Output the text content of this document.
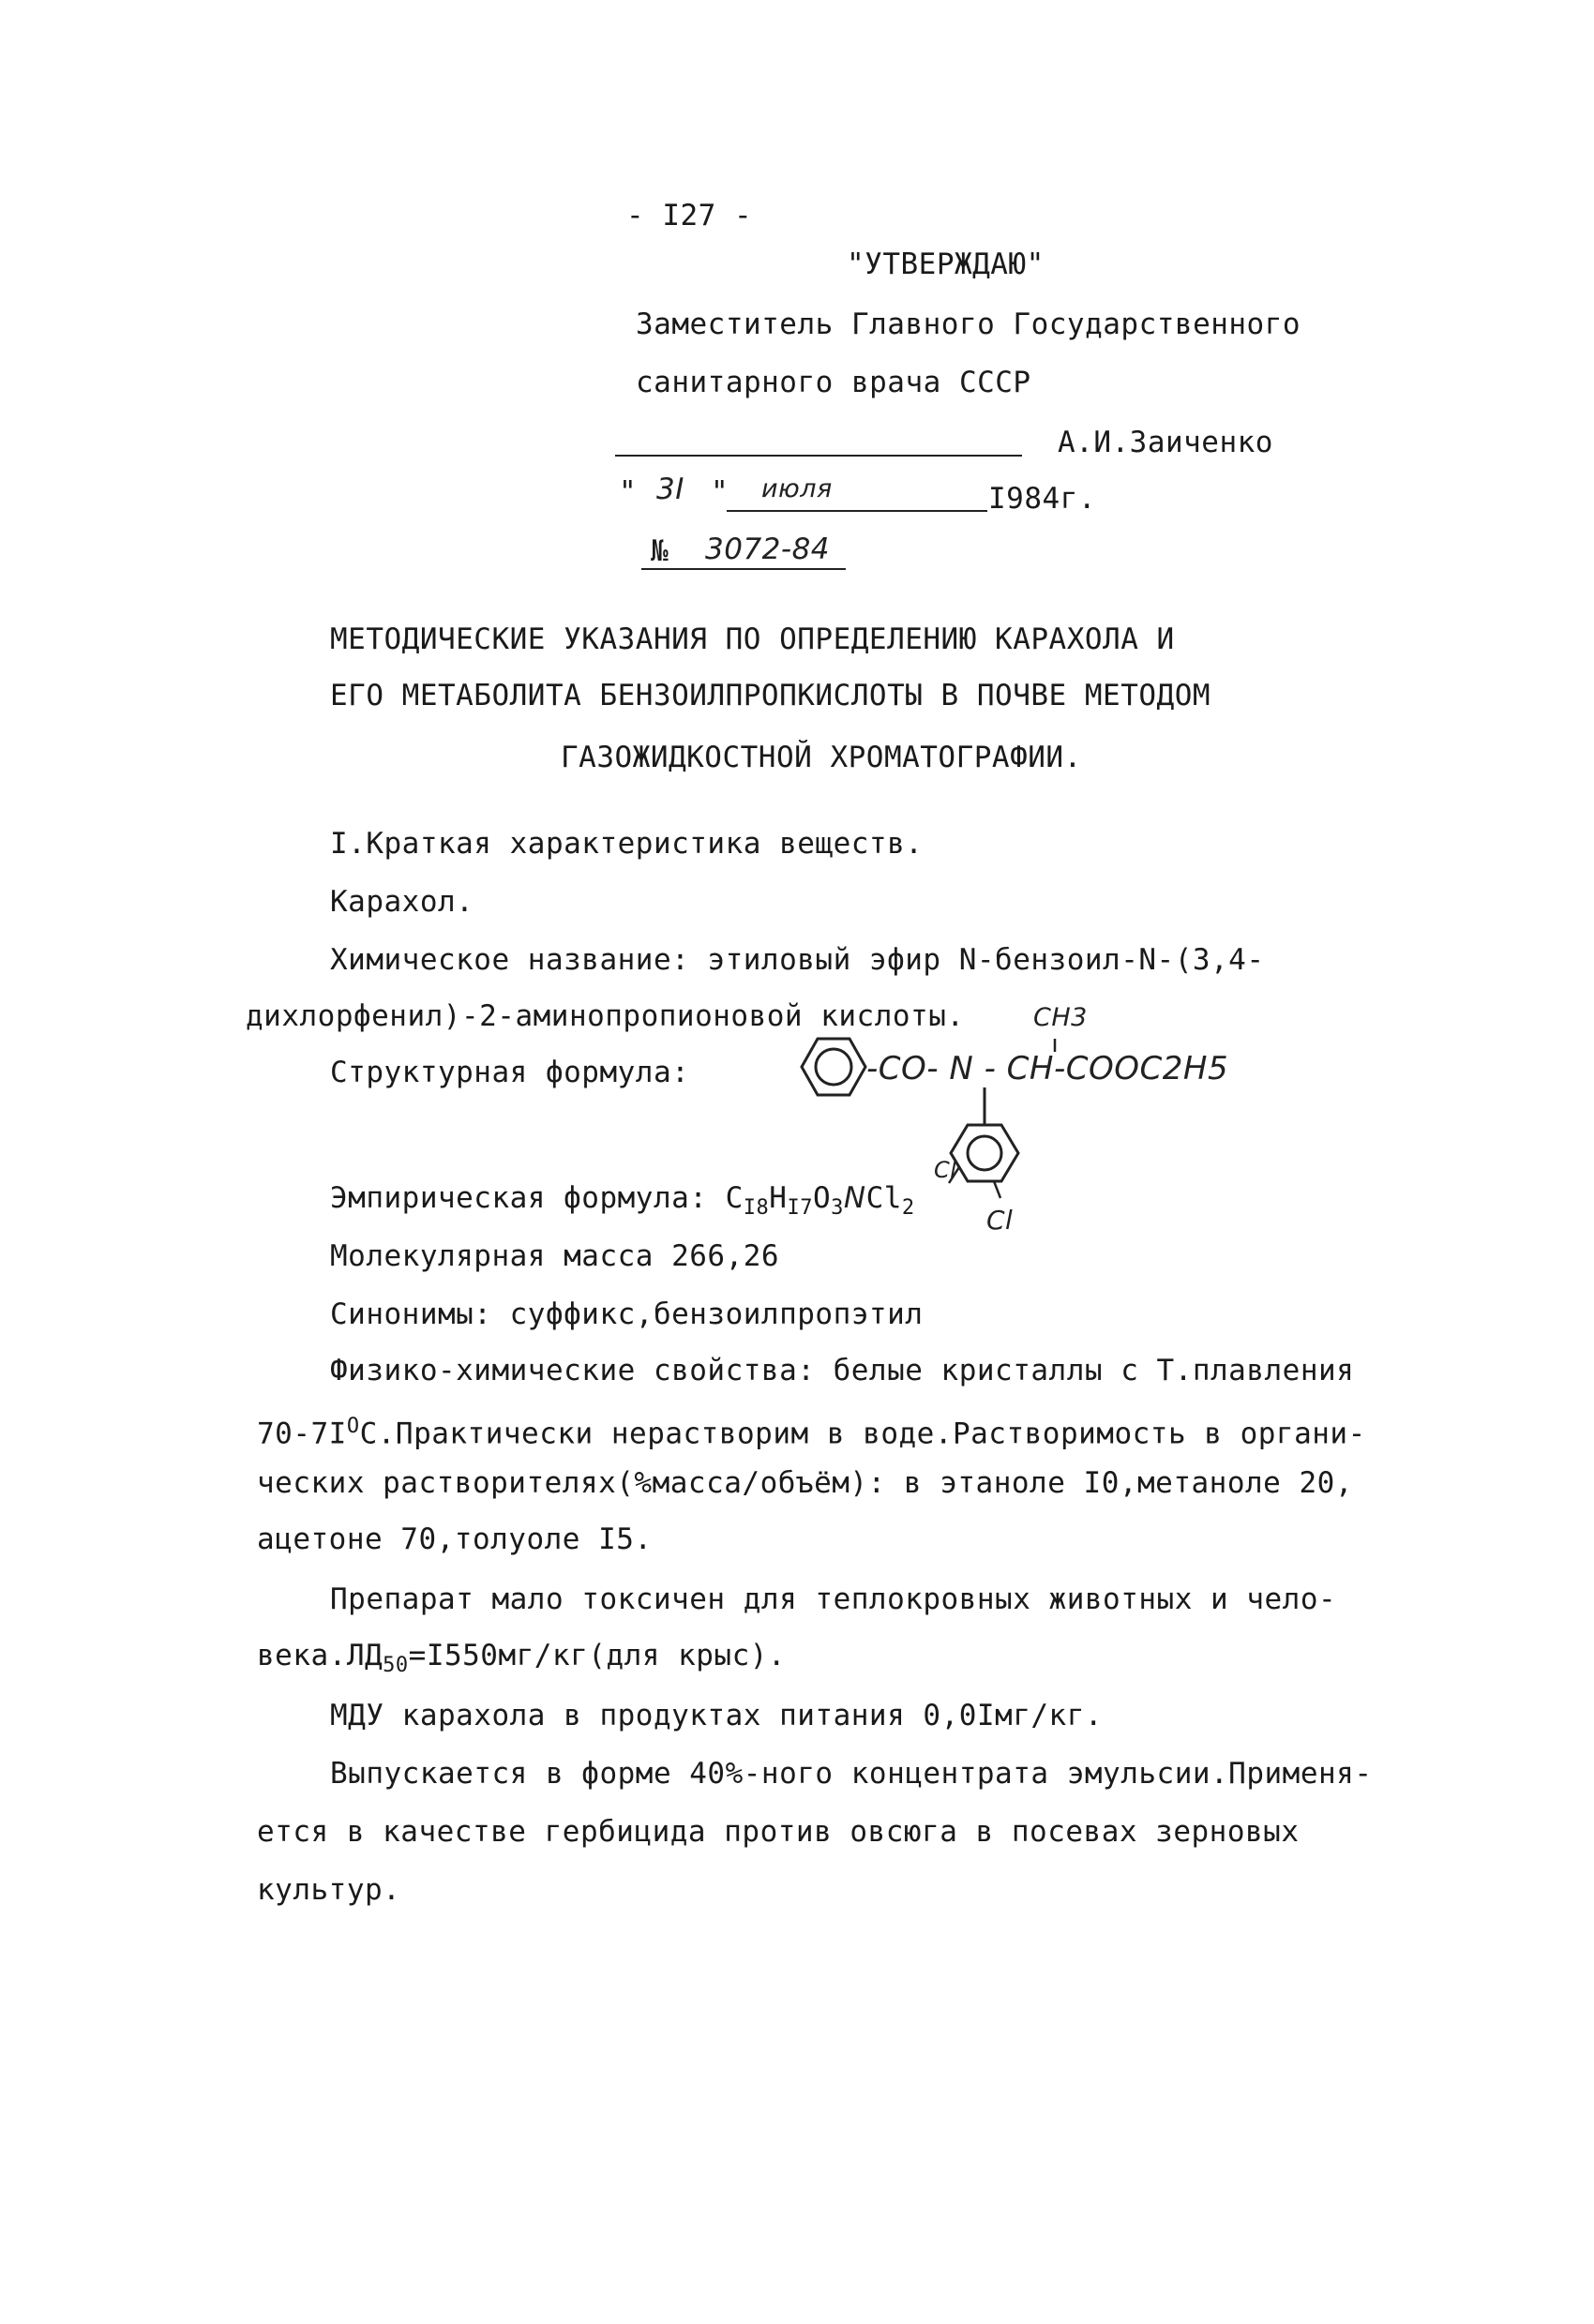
- I27 -
"УТВЕРЖДАЮ"
Заместитель Главного Государственного
санитарного врача СССР
А.И.Заиченко
" 3I " июля	I984г.
№ 3072-84
МЕТОДИЧЕСКИЕ УКАЗАНИЯ ПО ОПРЕДЕЛЕНИЮ КАРАХОЛА И
ЕГО МЕТАБОЛИТА БЕНЗОИЛПРОПКИСЛОТЫ В ПОЧВЕ МЕТОДОМ
ГАЗОЖИДКОСТНОЙ ХРОМАТОГРАФИИ.
I.Краткая характеристика веществ.
Карахол.
Химическое название: этиловый эфир N-бензоил-N-(3,4-
дихлорфенил)-2-аминопропионовой кислоты.
Структурная формула:
CH3
-CO- N - CH-COOC2H5
Cl
Cl
Эмпирическая формула: $C_{I8}H_{I7}O_3NCl_2$
Молекулярная масса 266,26
Синонимы: суффикс,бензоилпропэтил
Физико-химические свойства: белые кристаллы с Т.плавления
$70-7I^OС.Практически$ нерастворим в воде.Растворимость в органи-
ческих растворителях(%масса/объём): в этаноле I0,метаноле 20,
ацетоне 70,толуоле I5.
Препарат мало токсичен для теплокровных животных и чело-
$века.ЛД_{50}=I550мг/кг(для$ крыс).
МДУ карахола в продуктах питания 0,0Iмг/кг.
Выпускается в форме 40%-ного концентрата эмульсии.Применя-
ется в качестве гербицида против овсюга в посевах зерновых
культур.
